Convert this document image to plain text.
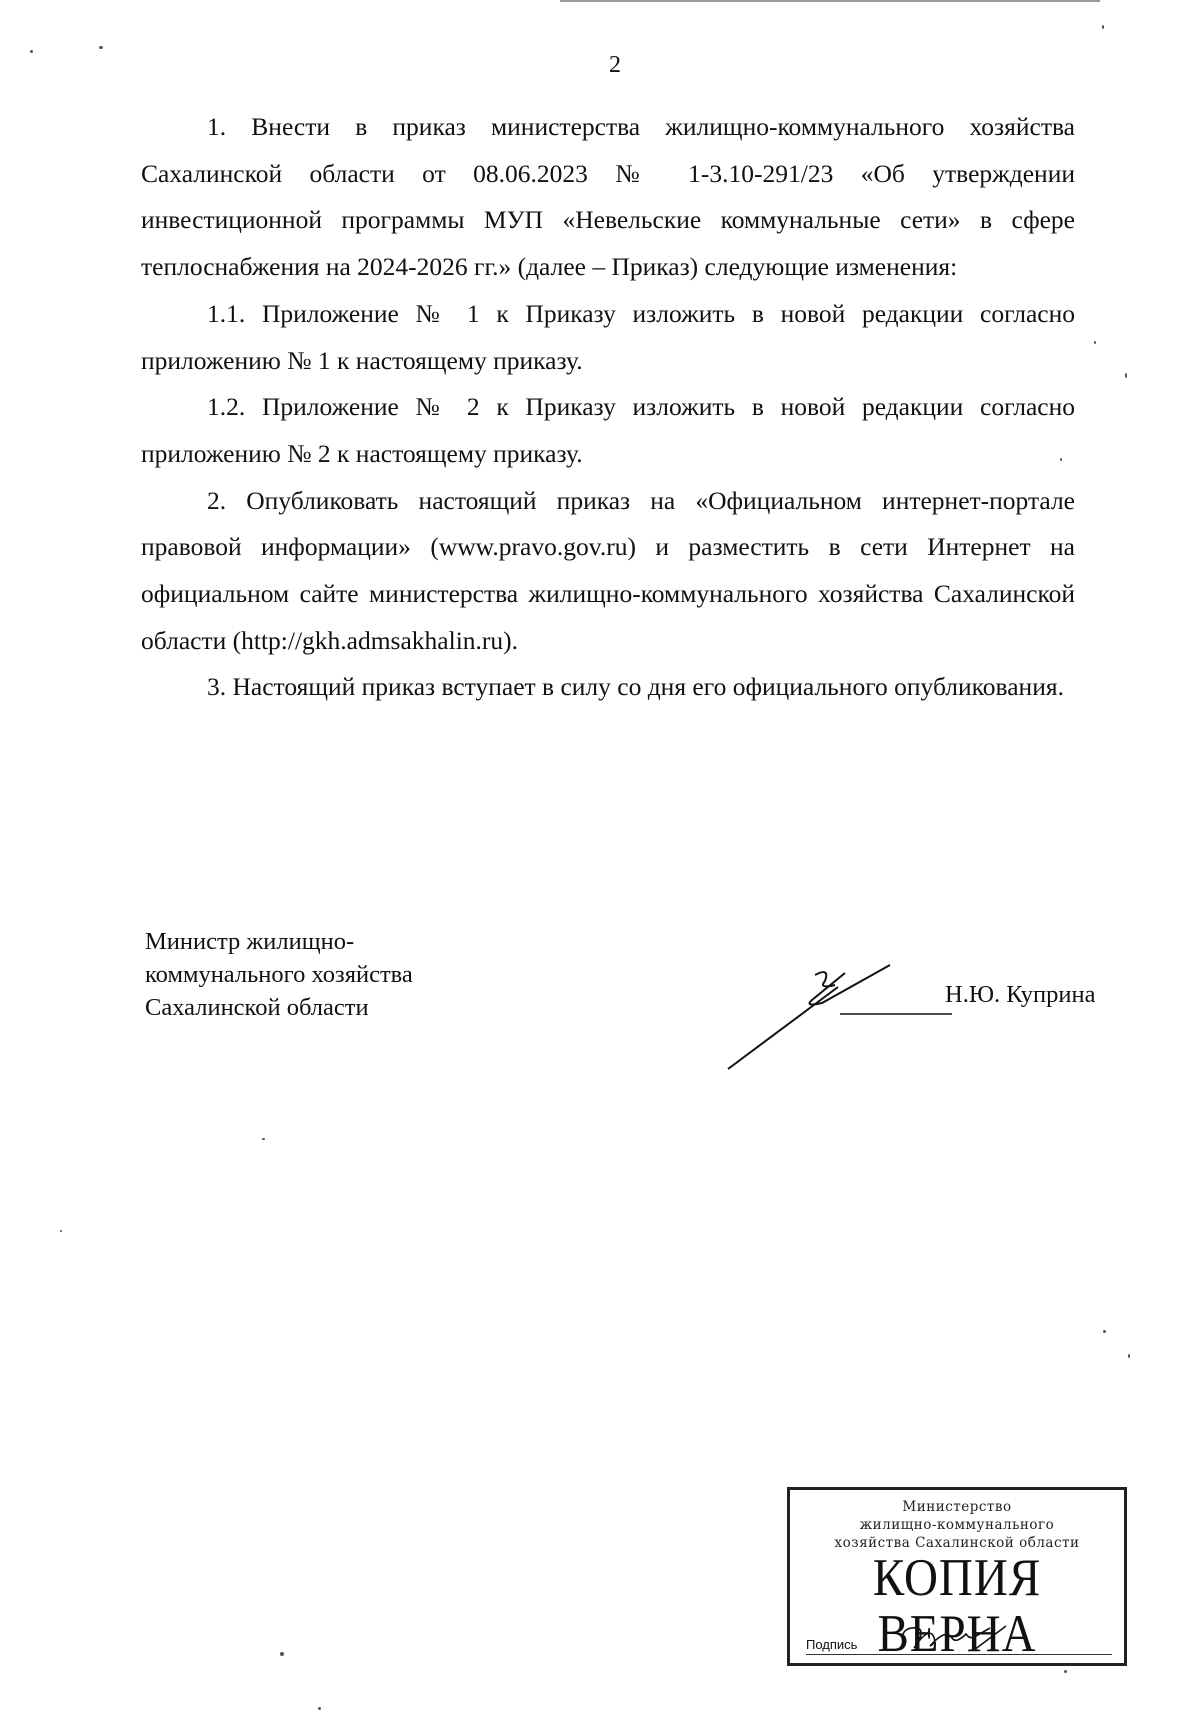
2

1. Внести в приказ министерства жилищно-коммунального хозяйства Сахалинской области от 08.06.2023 № 1-3.10-291/23 «Об утверждении инвестиционной программы МУП «Невельские коммунальные сети» в сфере теплоснабжения на 2024-2026 гг.» (далее – Приказ) следующие изменения:

1.1. Приложение № 1 к Приказу изложить в новой редакции согласно приложению № 1 к настоящему приказу.

1.2. Приложение № 2 к Приказу изложить в новой редакции согласно приложению № 2 к настоящему приказу.

2. Опубликовать настоящий приказ на «Официальном интернет-портале правовой информации» (www.pravo.gov.ru) и разместить в сети Интернет на официальном сайте министерства жилищно-коммунального хозяйства Сахалинской области (http://gkh.admsakhalin.ru).

3. Настоящий приказ вступает в силу со дня его официального опубликования.

Министр жилищно-
коммунального хозяйства
Сахалинской области	Н.Ю. Куприна
Министерство
жилищно-коммунального
хозяйства Сахалинской области
КОПИЯ ВЕРНА
Подпись
